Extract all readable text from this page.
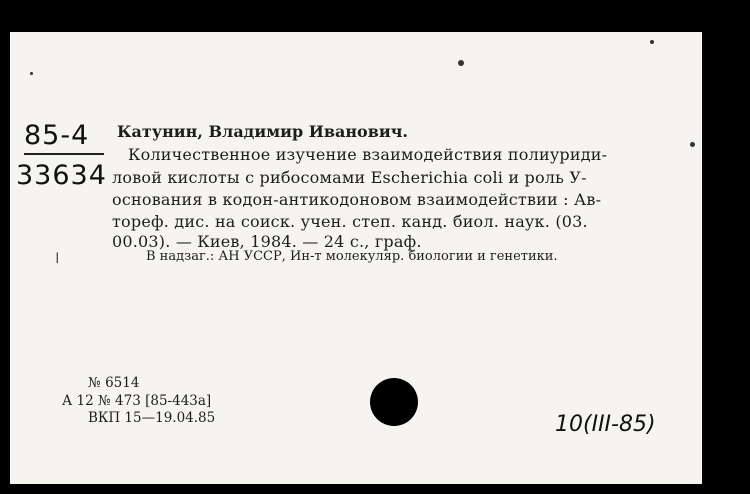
85-4
33634
ᛌ
Катунин, Владимир Иванович.
Количественное изучение взаимодействия полиуриди-
ловой кислоты с рибосомами Escherichia coli и роль У-
основания в кодон-антикодоновом взаимодействии : Ав-
тореф. дис. на соиск. учен. степ. канд. биол. наук. (03.
00.03). — Киев, 1984. — 24 с., граф.
В надзаг.: АН УССР, Ин-т молекуляр. биологии и генетики.
№ 6514
А 12 № 473 [85-443а]
ВКП 15—19.04.85	10(III-85)
